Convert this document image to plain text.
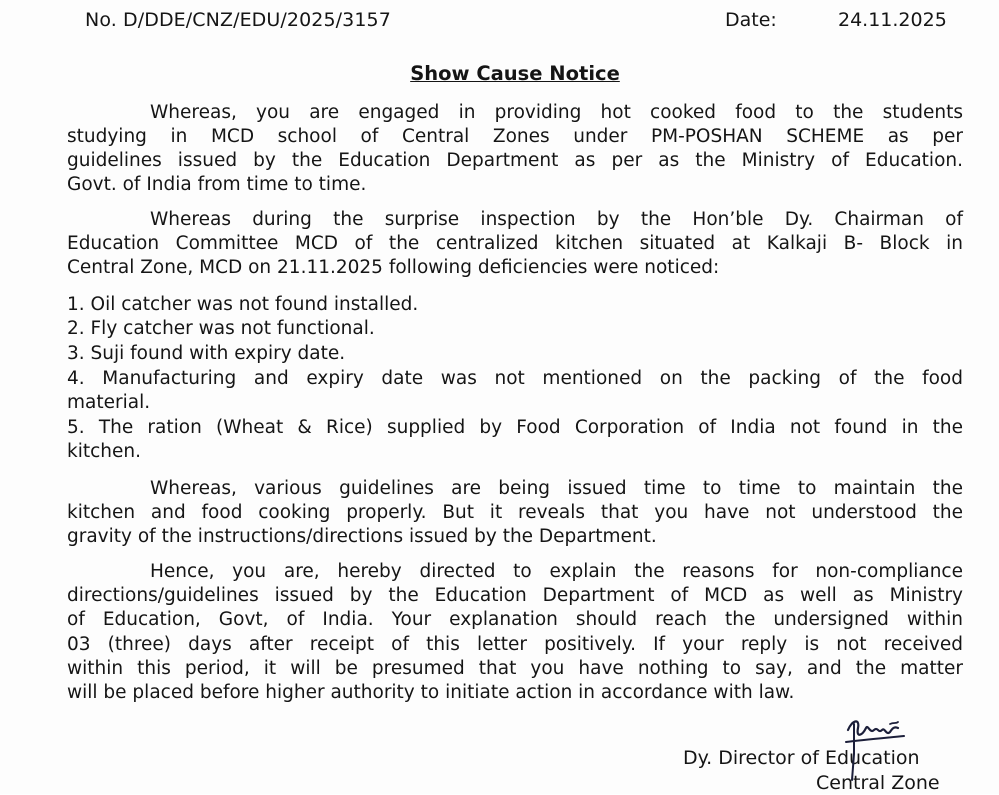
No. D/DDE/CNZ/EDU/2025/3157	Date:	24.11.2025
Show Cause Notice
Whereas, you are engaged in providing hot cooked food to the students
studying in MCD school of Central Zones under PM-POSHAN SCHEME as per
guidelines issued by the Education Department as per as the Ministry of Education.
Govt. of India from time to time.
Whereas during the surprise inspection by the Hon’ble Dy. Chairman of
Education Committee MCD of the centralized kitchen situated at Kalkaji B- Block in
Central Zone, MCD on 21.11.2025 following deficiencies were noticed:
1. Oil catcher was not found installed.
2. Fly catcher was not functional.
3. Suji found with expiry date.
4. Manufacturing and expiry date was not mentioned on the packing of the food
material.
5. The ration (Wheat & Rice) supplied by Food Corporation of India not found in the
kitchen.
Whereas, various guidelines are being issued time to time to maintain the
kitchen and food cooking properly. But it reveals that you have not understood the
gravity of the instructions/directions issued by the Department.
Hence, you are, hereby directed to explain the reasons for non-compliance
directions/guidelines issued by the Education Department of MCD as well as Ministry
of Education, Govt, of India. Your explanation should reach the undersigned within
03 (three) days after receipt of this letter positively. If your reply is not received
within this period, it will be presumed that you have nothing to say, and the matter
will be placed before higher authority to initiate action in accordance with law.
Dy. Director of Education
Central Zone
